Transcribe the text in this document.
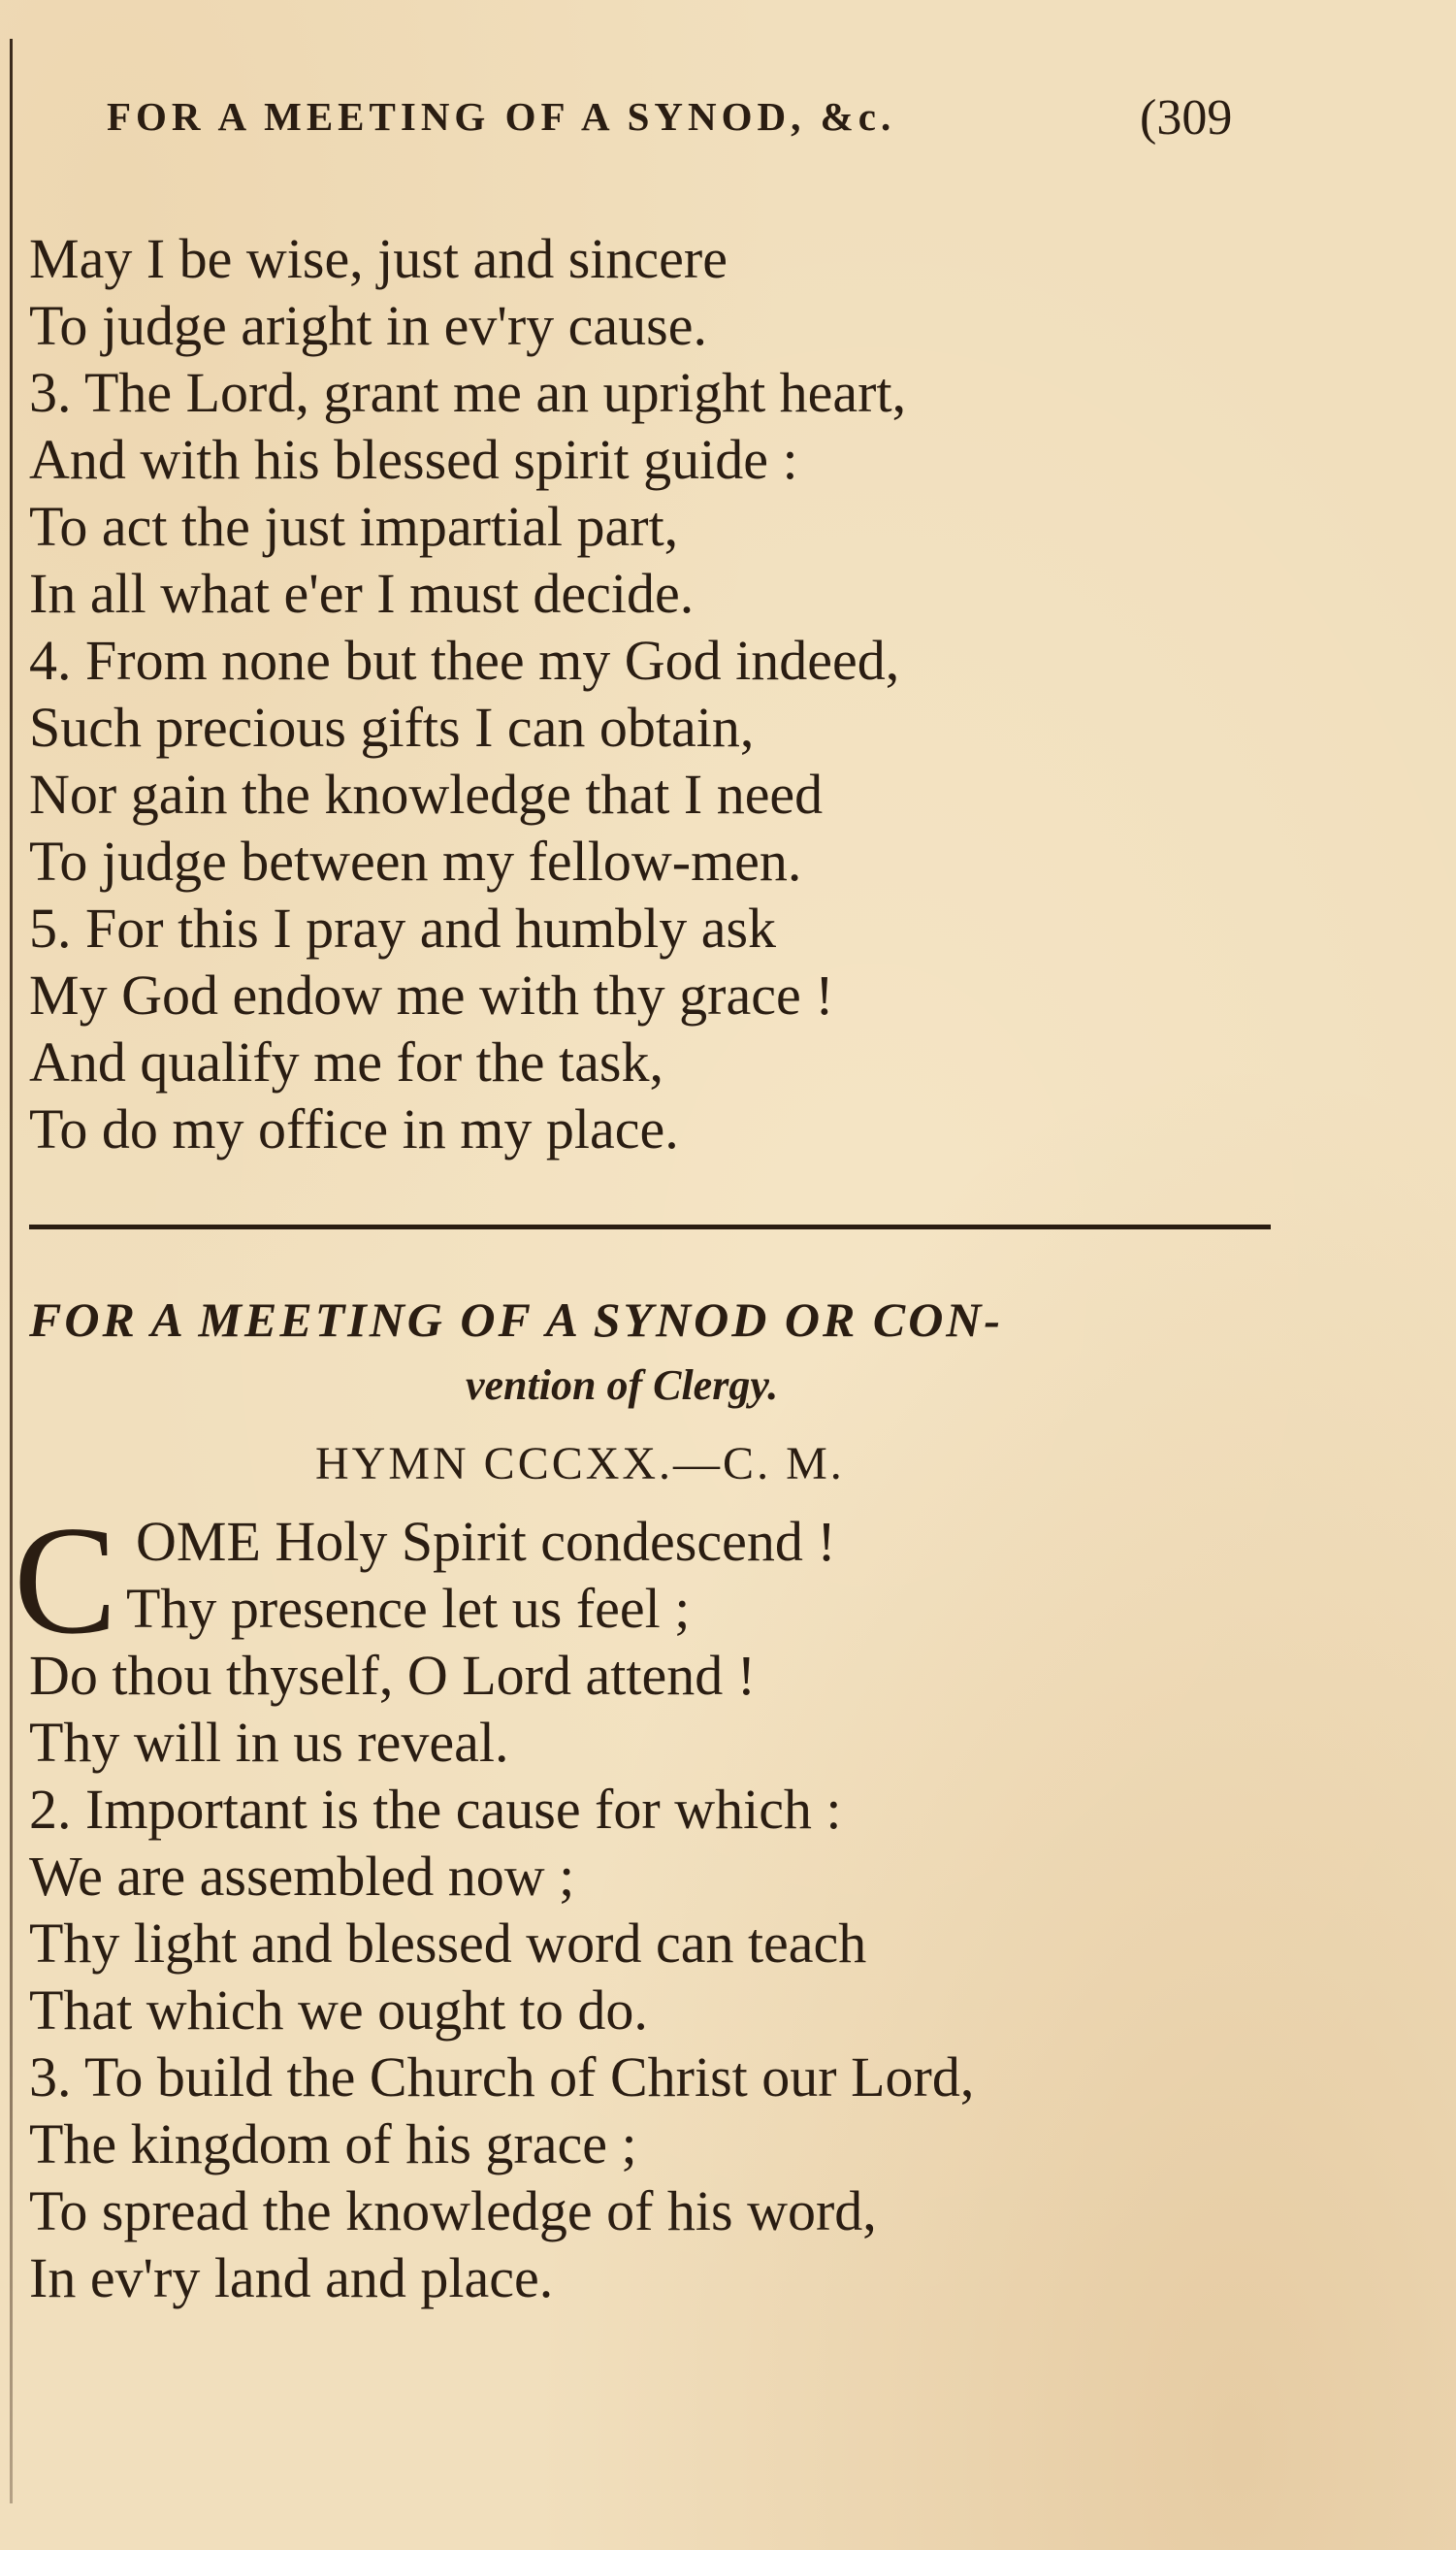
FOR A MEETING OF A SYNOD, &c.	(309
May I be wise, just and sincere
To judge aright in ev'ry cause.
3. The Lord, grant me an upright heart,
And with his blessed spirit guide :
To act the just impartial part,
In all what e'er I must decide.
4. From none but thee my God indeed,
Such precious gifts I can obtain,
Nor gain the knowledge that I need
To judge between my fellow-men.
5. For this I pray and humbly ask
My God endow me with thy grace !
And qualify me for the task,
To do my office in my place.
FOR A MEETING OF A SYNOD OR CON-
vention of Clergy.
HYMN CCCXX.—C. M.
C OME Holy Spirit condescend !
Thy presence let us feel ;
Do thou thyself, O Lord attend !
Thy will in us reveal.
2. Important is the cause for which :
We are assembled now ;
Thy light and blessed word can teach
That which we ought to do.
3. To build the Church of Christ our Lord,
The kingdom of his grace ;
To spread the knowledge of his word,
In ev'ry land and place.
